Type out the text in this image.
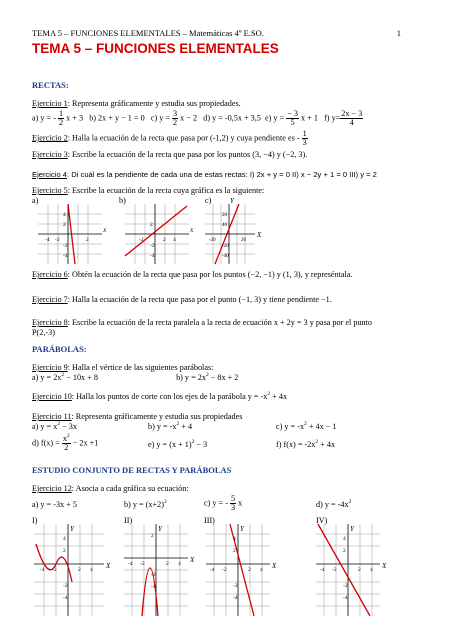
TEMA 5 – FUNCIONES ELEMENTALES – Matemáticas 4º E.SO.	1
TEMA 5 – FUNCIONES ELEMENTALES
RECTAS:
Ejercicio 1: Representa gráficamente y estudia sus propiedades.
a) y = - $\frac{1}{2}$ x + 3 b) 2x + y − 1 = 0 c) $y = \frac{3}{2}$ x − 2 d) y = -0,5x + 3,5 e) $y = \frac{- 3}{5}$ x + 1 f) $y= \frac{2x - 3}{4}$
Ejercicio 2: Halla la ecuación de la recta que pasa por (-1,2) y cuya pendiente es - $\frac{1}{3}$
Ejercicio 3: Escribe la ecuación de la recta que pasa por los puntos (3, −4) y (−2, 3).
Ejercicio 4: Di cuál es la pendiente de cada una de estas rectas: I) 2x + y = 0 II) x − 2y + 1 = 0 III) y = 2
Ejercicio 5: Escribe la ecuación de la recta cuya gráfica es la siguiente:
a)	b)	c)
4
2
-2
-4
-4 -2	2
X
2
-2
-4
-2	2 4
X
40
20
-20
-40
-20	20
X
Y
Ejercicio 6: Obtén la ecuación de la recta que pasa por los puntos (−2, −1) y (1, 3), y represéntala.
Ejercicio 7: Halla la ecuación de la recta que pasa por el punto (−1, 3) y tiene pendiente −1.
Ejercicio 8: Escribe la ecuación de la recta paralela a la recta de ecuación x + 2y = 3 y pasa por el punto
P(2,-3)
PARÁBOLAS:
Ejercicio 9: Halla el vértice de las siguientes parábolas:
a) $y = 2x^2 - 10x + 8$	b) $y = 2x^2 - 8x + 2$
Ejercicio 10: Halla los puntos de corte con los ejes de la parábola $y = -x^2 + 4x$
Ejercicio 11: Representa gráficamente y estudia sus propiedades
a) $y = x^2 - 3x$	b) $y = -x^2 + 4$	c) $y = -x^2 + 4x - 1$
d) $f(x) = \frac{x^2}{2} - 2x +1$	e) $y = (x + 1)^2 - 3$	f) $f(x) = -2x^2 + 4x$
ESTUDIO CONJUNTO DE RECTAS Y PARÁBOLAS
Ejercicio 12: Asocia a cada gráfica su ecuación:
a) y = -3x + 5	b) $y = (x+2)^2$	c) y = - $\frac{5}{3}$ x	d) $y = -4x^2$
I)	II)	III)	IV)
4
2
-2
-4
-4 -2	2 4 X
Y
2
-2
-4
-4 -2	2 4 X
Y
4
2
-2
-4
-4 -2	2 4 X
Y
4
2
-2
-4
-4 -2	2 4 X
Y
